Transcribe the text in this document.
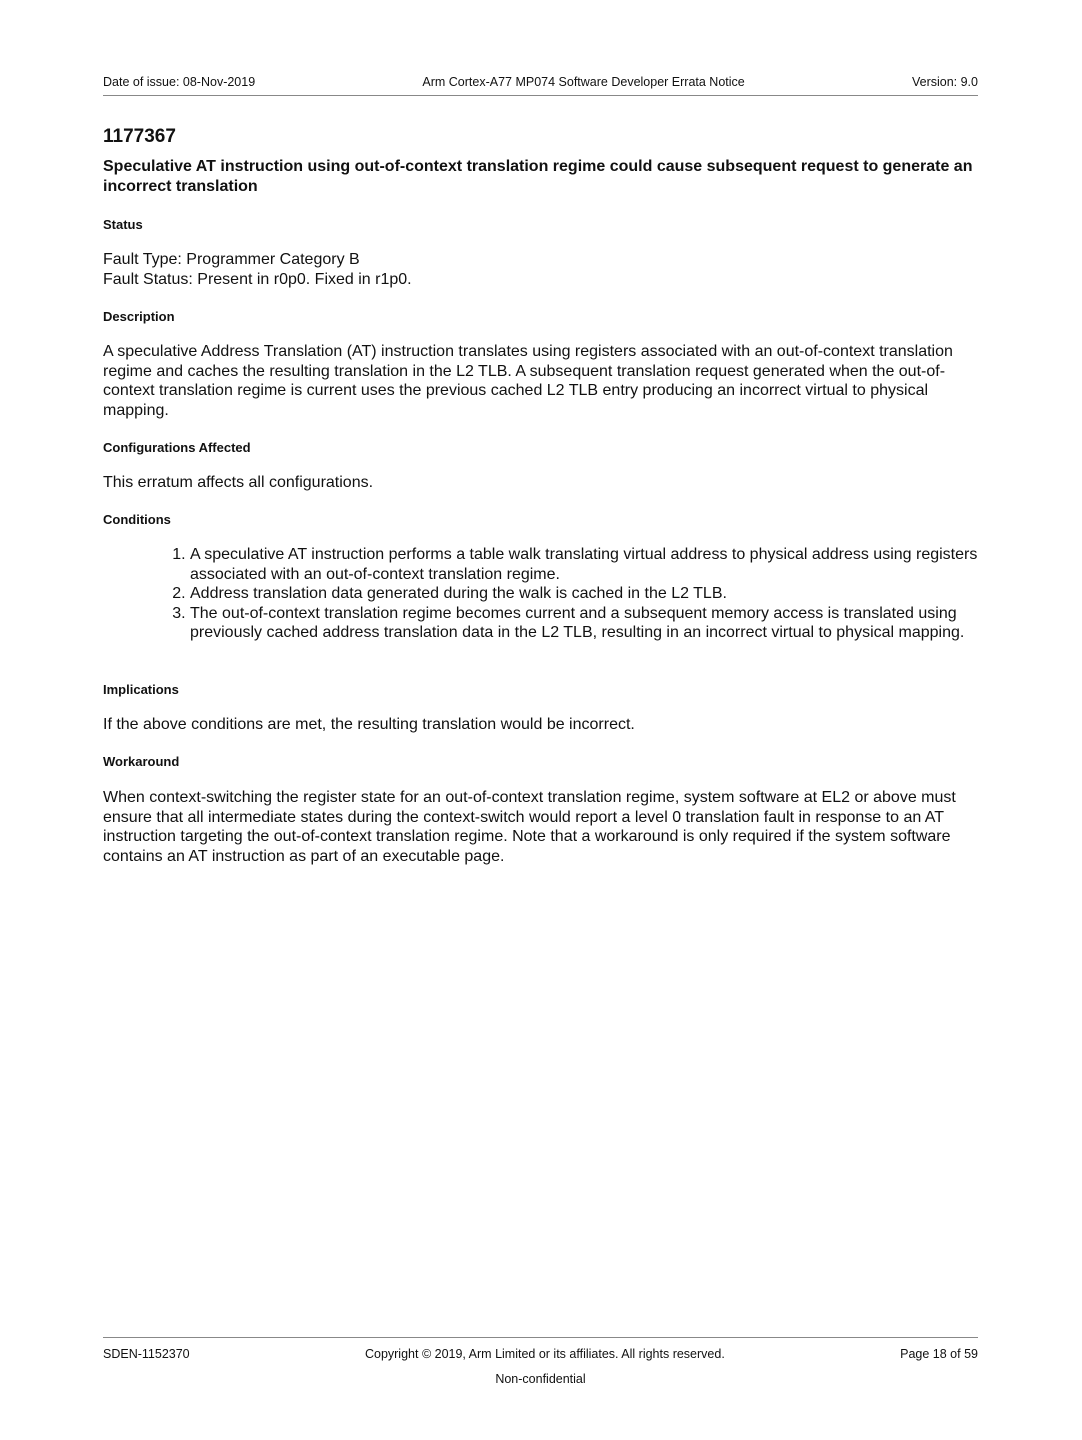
Date of issue: 08-Nov-2019	Arm Cortex-A77 MP074 Software Developer Errata Notice	Version: 9.0
1177367
Speculative AT instruction using out-of-context translation regime could cause subsequent request to generate an incorrect translation
Status
Fault Type: Programmer Category B
Fault Status: Present in r0p0. Fixed in r1p0.
Description
A speculative Address Translation (AT) instruction translates using registers associated with an out-of-context translation regime and caches the resulting translation in the L2 TLB. A subsequent translation request generated when the out-of-context translation regime is current uses the previous cached L2 TLB entry producing an incorrect virtual to physical mapping.
Configurations Affected
This erratum affects all configurations.
Conditions
1. A speculative AT instruction performs a table walk translating virtual address to physical address using registers associated with an out-of-context translation regime.
2. Address translation data generated during the walk is cached in the L2 TLB.
3. The out-of-context translation regime becomes current and a subsequent memory access is translated using previously cached address translation data in the L2 TLB, resulting in an incorrect virtual to physical mapping.
Implications
If the above conditions are met, the resulting translation would be incorrect.
Workaround
When context-switching the register state for an out-of-context translation regime, system software at EL2 or above must ensure that all intermediate states during the context-switch would report a level 0 translation fault in response to an AT instruction targeting the out-of-context translation regime. Note that a workaround is only required if the system software contains an AT instruction as part of an executable page.
SDEN-1152370	Copyright © 2019, Arm Limited or its affiliates. All rights reserved.	Page 18 of 59
Non-confidential
